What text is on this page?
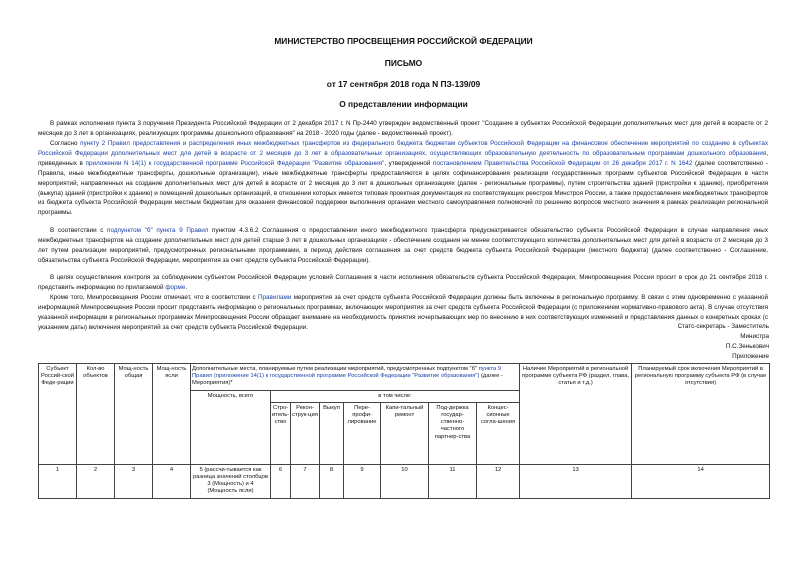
МИНИСТЕРСТВО ПРОСВЕЩЕНИЯ РОССИЙСКОЙ ФЕДЕРАЦИИ
ПИСЬМО
от 17 сентября 2018 года N ПЗ-139/09
О представлении информации

В рамках исполнения пункта 3 поручения Президента Российской Федерации от 2 декабря 2017 г. N Пр-2440 утвержден ведомственный проект "Создание в субъектах Российской Федерации дополнительных мест для детей в возрасте от 2 месяцев до 3 лет в организациях, реализующих программы дошкольного образования" на 2018 - 2020 годы (далее - ведомственный проект).

Согласно пункту 2 Правил предоставления и распределения иных межбюджетных трансфертов из федерального бюджета бюджетам субъектов Российской Федерации на финансовое обеспечение мероприятий по созданию в субъектах Российской Федерации дополнительных мест для детей в возрасте от 2 месяцев до 3 лет в образовательных организациях, осуществляющих образовательную деятельность по образовательным программам дошкольного образования, приведенных в приложении N 14(1) к государственной программе Российской Федерации "Развитие образования", утвержденной постановлением Правительства Российской Федерации от 26 декабря 2017 г. N 1642 (далее соответственно - Правила, иные межбюджетные трансферты, дошкольные организации), иные межбюджетные трансферты предоставляются в целях софинансирования реализации государственных программ субъектов Российской Федерации в части мероприятий, направленных на создание дополнительных мест для детей в возрасте от 2 месяцев до 3 лет в дошкольных организациях (далее - региональные программы), путем строительства зданий (пристройки к зданию), приобретения (выкупа) зданий (пристройки к зданию) и помещений дошкольных организаций, в отношении которых имеется типовая проектная документация из соответствующих реестров Минстроя России, а также предоставления межбюджетных трансфертов из бюджета субъекта Российской Федерации местным бюджетам для оказания финансовой поддержки выполнения органами местного самоуправления полномочий по решению вопросов местного значения в рамках реализации региональной программы.

В соответствии с подпунктом "б" пункта 9 Правил пунктом 4.3.6.2 Соглашения о предоставлении иного межбюджетного трансферта предусматривается обязательство субъекта Российской Федерации в случае направления иных межбюджетных трансфертов на создание дополнительных мест для детей старше 3 лет в дошкольных организациях - обеспечение создания не менее соответствующего количества дополнительных мест для детей в возрасте от 2 месяцев до 3 лет путем реализации мероприятий, предусмотренных региональными программами, в период действия соглашения за счет средств бюджета субъекта Российской Федерации (местного бюджета) (далее соответственно - Соглашение, обязательства субъекта Российской Федерации, мероприятия за счет средств субъекта Российской Федерации).

В целях осуществления контроля за соблюдением субъектом Российской Федерации условий Соглашения в части исполнения обязательств субъекта Российской Федерации, Минпросвещения России просит в срок до 21 сентября 2018 г. представить информацию по прилагаемой форме.

Кроме того, Минпросвещения России отмечает, что в соответствии с Правилами мероприятия за счет средств субъекта Российской Федерации должны быть включены в региональную программу. В связи с этим одновременно с указанной информацией Минпросвещения России просит представить информацию о региональных программах, включающих мероприятия за счет средств субъекта Российской Федерации (с приложением нормативно-правового акта). В случае отсутствия указанной информации в региональных программах Минпросвещения России обращает внимание на необходимость принятия исчерпывающих мер по внесению в них соответствующих изменений и представления данных о конкретных сроках (с указанием даты) включения мероприятий за счет средств субъекта Российской Федерации.	Статс-секретарь - Заместитель
Министра
П.С.Зенькович
Приложение
Субъект Россий-ской Феде-рации	Кол-во объектов	Мощ-ность общая	Мощ-ность ясли	Дополнительные места, планируемые путем реализации мероприятий, предусмотренных подпунктом "б" пункта 9 Правил (приложение 14(1) к государственной программе Российской Федерации "Развитие образования") (далее - Мероприятия)*								Наличие Мероприятий в региональной программе субъекта РФ (раздел, глава, статья и т.д.)	Планируемый срок включения Мероприятий в региональную программу субъекта РФ (в случае отсутствия)
				Мощность, всего	в том числе:								
					Стро-итель-ство	Рекон-струк-ция	Выкуп	Пере-профи-лирование	Капи-тальный ремонт	Под-держка государ-ственно-частного партнер-ства	Концес-сионные согла-шения		
1	2	3	4	5 (рассчи-тывается как разница значений столбцов 3 (Мощность) и 4 (Мощность ясли)	6	7	8	9	10	11	12	13	14
